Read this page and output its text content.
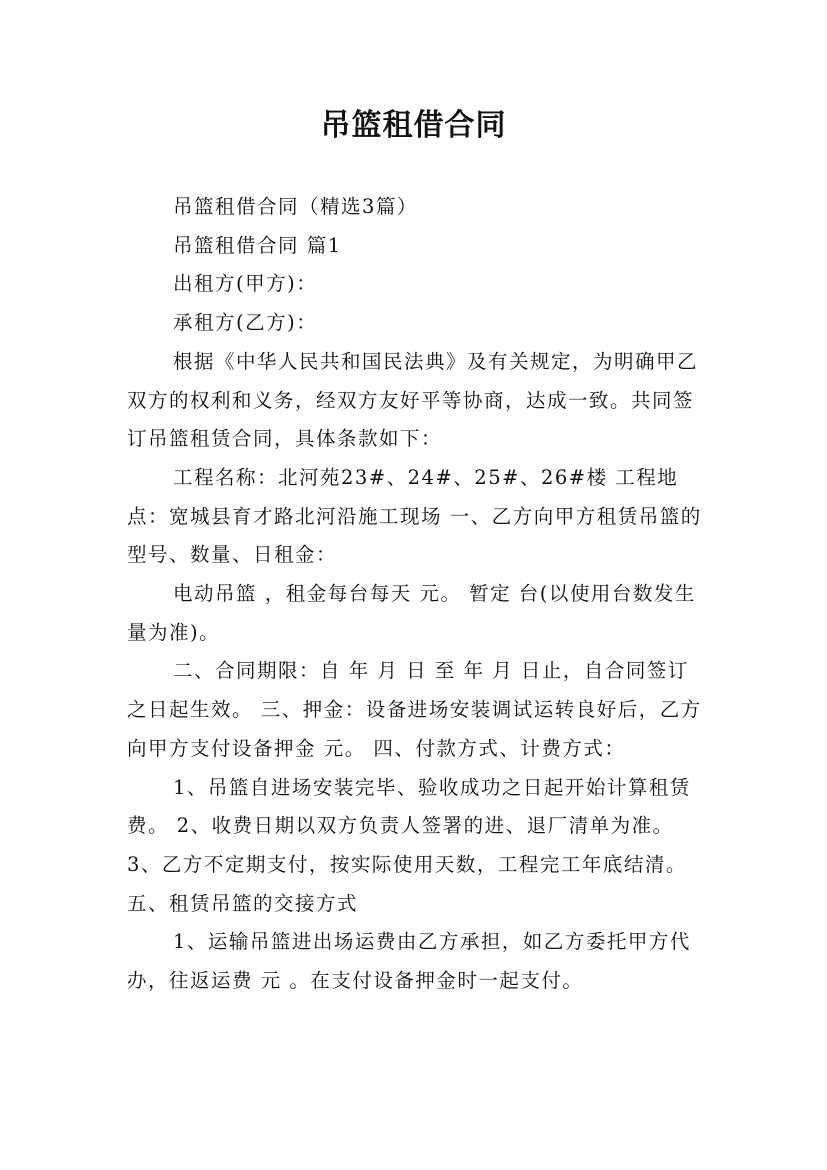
吊篮租借合同

吊篮租借合同（精选3篇）

吊篮租借合同 篇1

出租方(甲方)：

承租方(乙方)：

根据《中华人民共和国民法典》及有关规定，为明确甲乙双方的权利和义务，经双方友好平等协商，达成一致。共同签订吊篮租赁合同，具体条款如下：

工程名称：北河苑23#、24#、25#、26#楼 工程地点：宽城县育才路北河沿施工现场 一、乙方向甲方租赁吊篮的型号、数量、日租金：

电动吊篮 ，租金每台每天 元。 暂定 台(以使用台数发生量为准)。

二、合同期限：自 年 月 日 至 年 月 日止，自合同签订之日起生效。 三、押金：设备进场安装调试运转良好后，乙方向甲方支付设备押金 元。 四、付款方式、计费方式：

1、吊篮自进场安装完毕、验收成功之日起开始计算租赁费。 2、收费日期以双方负责人签署的进、退厂清单为准。 3、乙方不定期支付，按实际使用天数，工程完工年底结清。 五、租赁吊篮的交接方式

1、运输吊篮进出场运费由乙方承担，如乙方委托甲方代办，往返运费 元 。在支付设备押金时一起支付。
